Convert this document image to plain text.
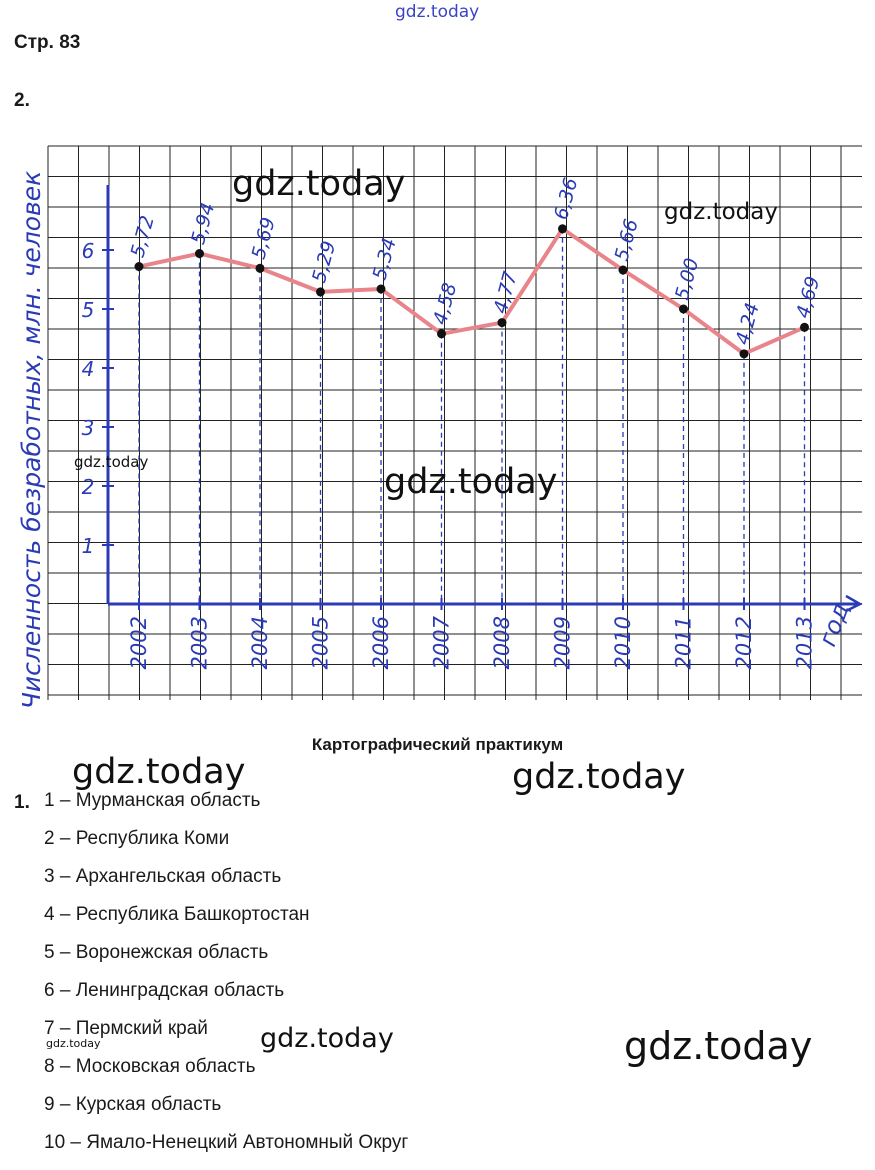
Стр. 83
2.
1
2
3
4
5
6
2002 2003 2004 2005 2006 2007 2008 2009 2010 2011 2012 2013
5,72 5,94 5,69
5,29 5,34
4,58 4,77
6,36
5,66
5,00
4,24
4,69
Численность безработных, млн. человек	год
Картографический практикум
1. 1 – Мурманская область
2 – Республика Коми
3 – Архангельская область
4 – Республика Башкортостан
5 – Воронежская область
6 – Ленинградская область
7 – Пермский край
8 – Московская область
9 – Курская область
10 – Ямало-Ненецкий Автономный Округ
gdz.today
gdz.today
gdz.today
gdz.today	gdz.today
gdz.today	gdz.today
gdz.today
gdz.today	gdz.today
